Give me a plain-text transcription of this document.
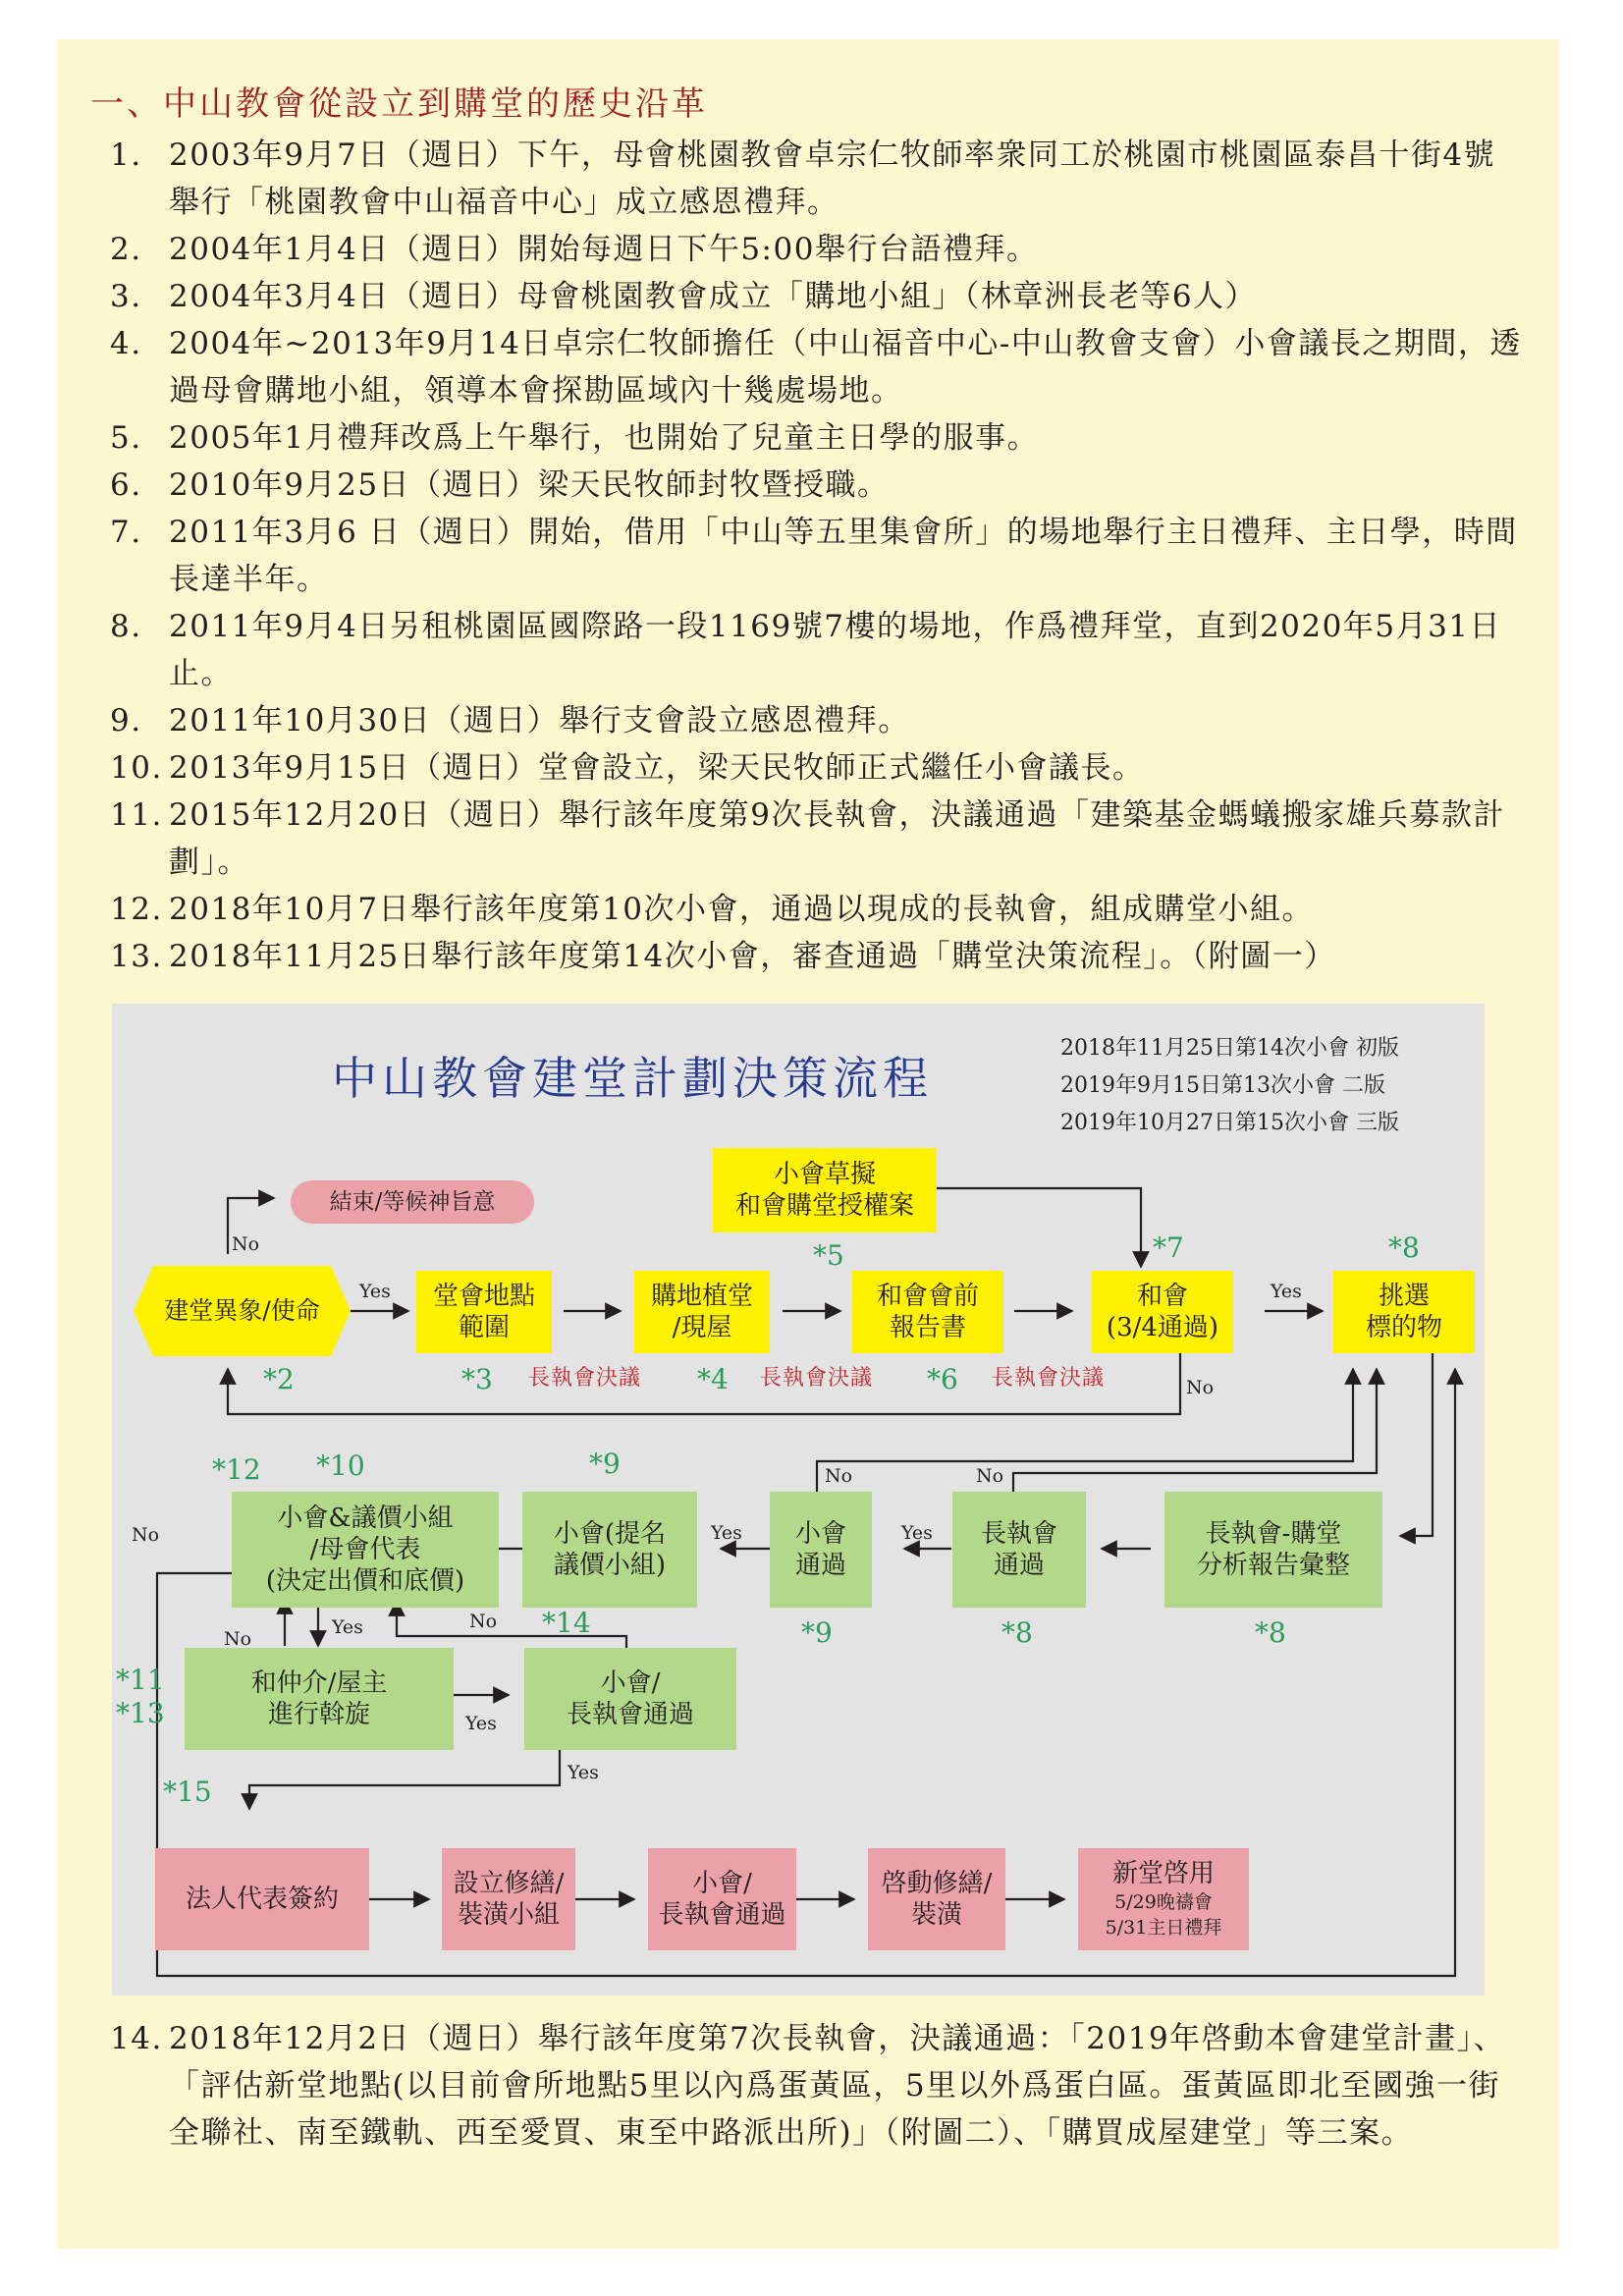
一、中山教會從設立到購堂的歷史沿革
1. 2003年9月7日（週日）下午，母會桃園教會卓宗仁牧師率衆同工於桃園市桃園區泰昌十街4號舉行「桃園教會中山福音中心」成立感恩禮拜。
2. 2004年1月4日（週日）開始每週日下午5:00舉行台語禮拜。
3. 2004年3月4日（週日）母會桃園教會成立「購地小組」（林章洲長老等6人）
4. 2004年~2013年9月14日卓宗仁牧師擔任（中山福音中心-中山教會支會）小會議長之期間，透過母會購地小組，領導本會探勘區域內十幾處場地。
5. 2005年1月禮拜改爲上午舉行，也開始了兒童主日學的服事。
6. 2010年9月25日（週日）梁天民牧師封牧暨授職。
7. 2011年3月6 日（週日）開始，借用「中山等五里集會所」的場地舉行主日禮拜、主日學，時間長達半年。
8. 2011年9月4日另租桃園區國際路一段1169號7樓的場地，作爲禮拜堂，直到2020年5月31日止。
9. 2011年10月30日（週日）舉行支會設立感恩禮拜。
10. 2013年9月15日（週日）堂會設立，梁天民牧師正式繼任小會議長。
11. 2015年12月20日（週日）舉行該年度第9次長執會，決議通過「建築基金螞蟻搬家雄兵募款計劃」。
12. 2018年10月7日舉行該年度第10次小會，通過以現成的長執會，組成購堂小組。
13. 2018年11月25日舉行該年度第14次小會，審查通過「購堂決策流程」。（附圖一）
中山教會建堂計劃決策流程
2018年11月25日第14次小會 初版
2019年9月15日第13次小會 二版
2019年10月27日第15次小會 三版
建堂異象/使命
結束/等候神旨意
小會草擬
和會購堂授權案
堂會地點
範圍
購地植堂
/現屋
和會會前
報告書
和會
(3/4通過)
挑選
標的物
長執會-購堂
分析報告彙整
長執會
通過
小會
通過
小會(提名
議價小組)
小會&議價小組
/母會代表
(決定出價和底價)
和仲介/屋主
進行斡旋
小會/
長執會通過
法人代表簽約
設立修繕/
裝潢小組
小會/
長執會通過
啓動修繕/
裝潢
新堂啓用
5/29晚禱會
5/31主日禮拜
No
Yes	Yes
No
No	No
Yes
Yes
No
No
Yes	No
Yes
Yes
長執會決議	長執會決議	長執會決議
*2	*3	*4
*5
*6
*7	*8
*8
*8
*9
*9
*10
*12
*11
*13
*14
*15
14. 2018年12月2日（週日）舉行該年度第7次長執會，決議通過：「2019年啓動本會建堂計畫」、「評估新堂地點(以目前會所地點5里以內爲蛋黃區，5里以外爲蛋白區。蛋黃區即北至國強一街全聯社、南至鐵軌、西至愛買、東至中路派出所)」（附圖二）、「購買成屋建堂」等三案。
